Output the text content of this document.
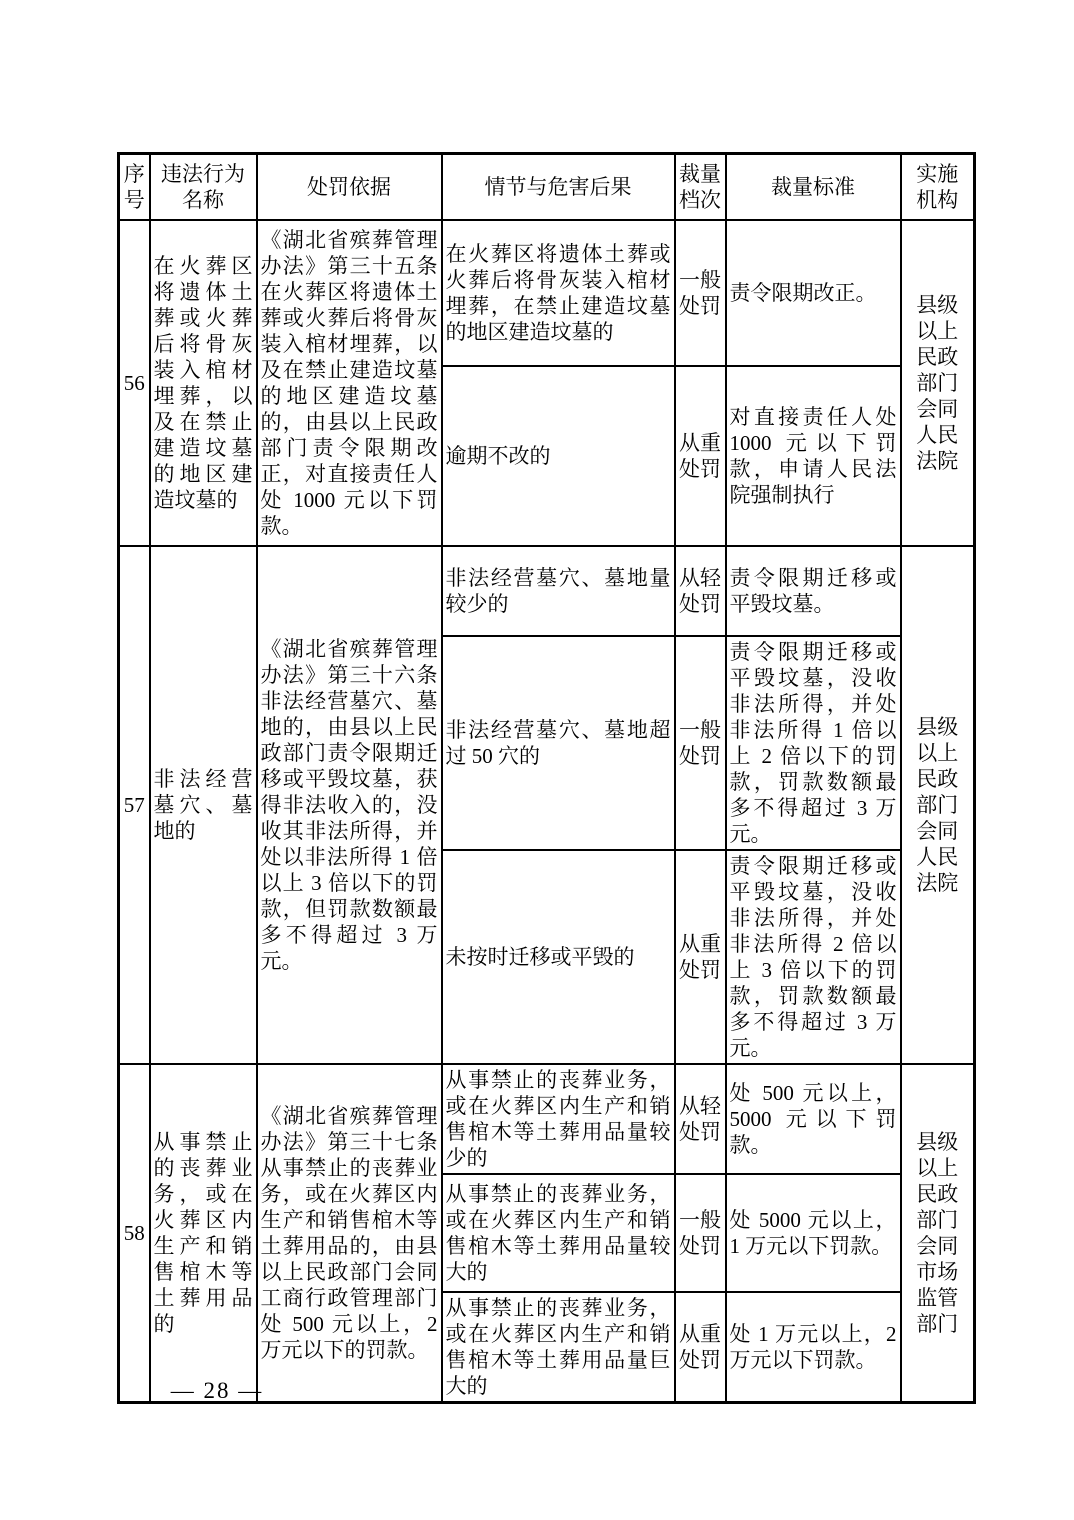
序号	违法行为名称	处罚依据	情节与危害后果	裁量档次	裁量标准	实施机构
56	在火葬区将遗体土葬或火葬后将骨灰装入棺材埋葬，以及在禁止建造坟墓的地区建造坟墓的	《湖北省殡葬管理办法》第三十五条 在火葬区将遗体土葬或火葬后将骨灰装入棺材埋葬，以及在禁止建造坟墓的地区建造坟墓的，由县以上民政部门责令限期改正，对直接责任人处 1000 元以下罚款。	在火葬区将遗体土葬或火葬后将骨灰装入棺材埋葬，在禁止建造坟墓的地区建造坟墓的	一般处罚	责令限期改正。	县级以上民政部门会同人民法院
			逾期不改的	从重处罚	对直接责任人处 1000 元以下罚款，申请人民法院强制执行	
57	非法经营墓穴、墓地的	《湖北省殡葬管理办法》第三十六条 非法经营墓穴、墓地的，由县以上民政部门责令限期迁移或平毁坟墓，获得非法收入的，没收其非法所得，并处以非法所得 1 倍以上 3 倍以下的罚款，但罚款数额最多不得超过 3 万元。	非法经营墓穴、墓地量较少的	从轻处罚	责令限期迁移或平毁坟墓。	县级以上民政部门会同人民法院
			非法经营墓穴、墓地超过 50 穴的	一般处罚	责令限期迁移或平毁坟墓，没收非法所得，并处非法所得 1 倍以上 2 倍以下的罚款，罚款数额最多不得超过 3 万元。	
			未按时迁移或平毁的	从重处罚	责令限期迁移或平毁坟墓，没收非法所得，并处非法所得 2 倍以上 3 倍以下的罚款，罚款数额最多不得超过 3 万元。	
58	从事禁止的丧葬业务，或在火葬区内生产和销售棺木等土葬用品的	《湖北省殡葬管理办法》第三十七条 从事禁止的丧葬业务，或在火葬区内生产和销售棺木等土葬用品的，由县以上民政部门会同工商行政管理部门处 500 元以上，2 万元以下的罚款。	从事禁止的丧葬业务，或在火葬区内生产和销售棺木等土葬用品量较少的	从轻处罚	处 500 元以上，5000 元以下罚款。	县级以上民政部门会同市场监管部门
			从事禁止的丧葬业务，或在火葬区内生产和销售棺木等土葬用品量较大的	一般处罚	处 5000 元以上，1 万元以下罚款。	
			从事禁止的丧葬业务，或在火葬区内生产和销售棺木等土葬用品量巨大的	从重处罚	处 1 万元以上，2 万元以下罚款。	
— 28 —
